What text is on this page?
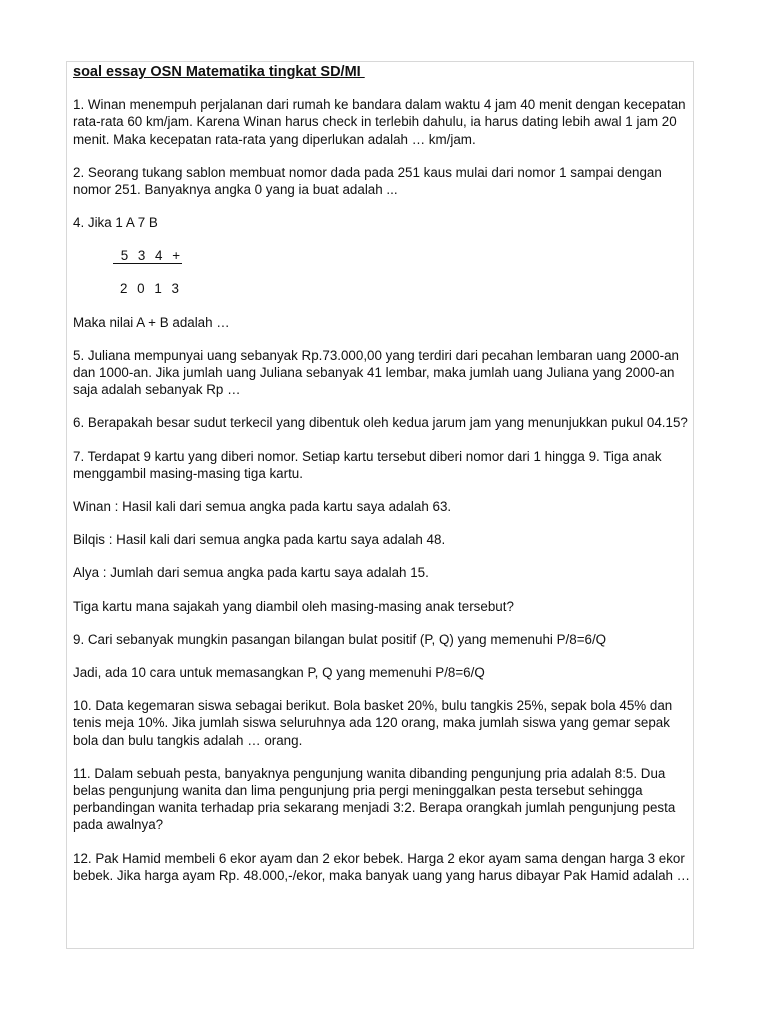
soal essay OSN Matematika tingkat SD/MI
1. Winan menempuh perjalanan dari rumah ke bandara dalam waktu 4 jam 40 menit dengan kecepatan rata-rata 60 km/jam. Karena Winan harus check in terlebih dahulu, ia harus dating lebih awal 1 jam 20 menit. Maka kecepatan rata-rata yang diperlukan adalah … km/jam.
2. Seorang tukang sablon membuat nomor dada pada 251 kaus mulai dari nomor 1 sampai dengan nomor 251. Banyaknya angka 0 yang ia buat adalah ...
4. Jika 1 A 7 B
5 3 4 +
2 0 1 3
Maka nilai A + B adalah …
5. Juliana mempunyai uang sebanyak Rp.73.000,00 yang terdiri dari pecahan lembaran uang 2000-an dan 1000-an. Jika jumlah uang Juliana sebanyak 41 lembar, maka jumlah uang Juliana yang 2000-an saja adalah sebanyak Rp …
6. Berapakah besar sudut terkecil yang dibentuk oleh kedua jarum jam yang menunjukkan pukul 04.15?
7. Terdapat 9 kartu yang diberi nomor. Setiap kartu tersebut diberi nomor dari 1 hingga 9. Tiga anak menggambil masing-masing tiga kartu.
Winan : Hasil kali dari semua angka pada kartu saya adalah 63.
Bilqis : Hasil kali dari semua angka pada kartu saya adalah 48.
Alya : Jumlah dari semua angka pada kartu saya adalah 15.
Tiga kartu mana sajakah yang diambil oleh masing-masing anak tersebut?
9. Cari sebanyak mungkin pasangan bilangan bulat positif (P, Q) yang memenuhi P/8=6/Q
Jadi, ada 10 cara untuk memasangkan P, Q yang memenuhi P/8=6/Q
10. Data kegemaran siswa sebagai berikut. Bola basket 20%, bulu tangkis 25%, sepak bola 45% dan tenis meja 10%. Jika jumlah siswa seluruhnya ada 120 orang, maka jumlah siswa yang gemar sepak bola dan bulu tangkis adalah … orang.
11. Dalam sebuah pesta, banyaknya pengunjung wanita dibanding pengunjung pria adalah 8:5. Dua belas pengunjung wanita dan lima pengunjung pria pergi meninggalkan pesta tersebut sehingga perbandingan wanita terhadap pria sekarang menjadi 3:2. Berapa orangkah jumlah pengunjung pesta pada awalnya?
12. Pak Hamid membeli 6 ekor ayam dan 2 ekor bebek. Harga 2 ekor ayam sama dengan harga 3 ekor bebek. Jika harga ayam Rp. 48.000,-/ekor, maka banyak uang yang harus dibayar Pak Hamid adalah …
